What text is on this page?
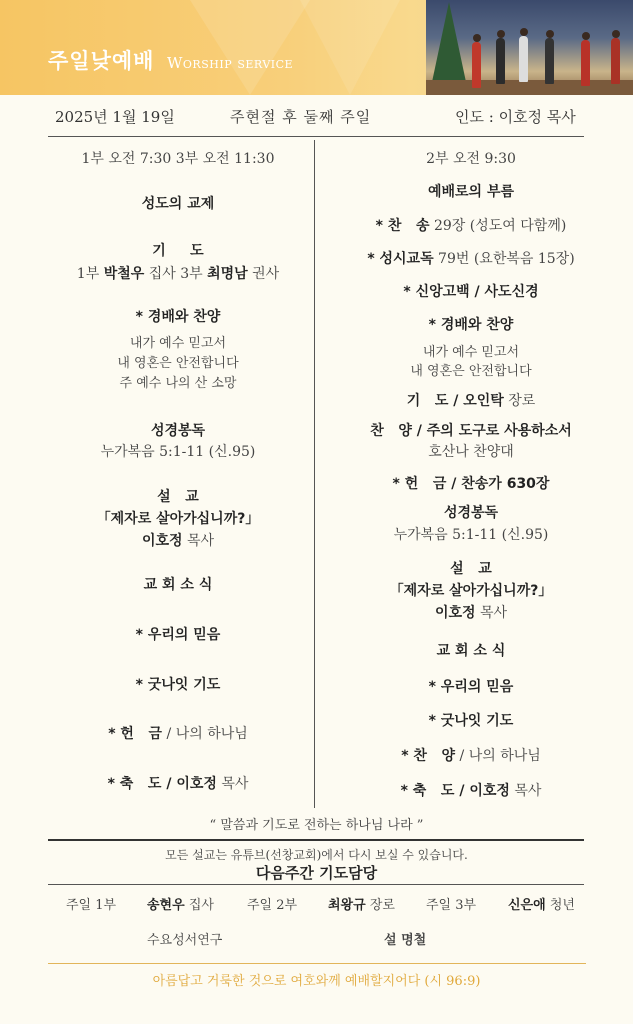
주일낮예배 Worship service
2025년 1월 19일	주현절 후 둘째 주일	인도 : 이호정 목사
1부 오전 7:30 3부 오전 11:30
성도의 교제
기     도
1부 박철우 집사 3부 최명남 권사
* 경배와 찬양
내가 예수 믿고서
내 영혼은 안전합니다
주 예수 나의 산 소망
성경봉독
누가복음 5:1-11 (신.95)
설   교
「제자로 살아가십니까?」
이호정 목사
교 회 소 식
* 우리의 믿음
* 굿나잇 기도
* 헌   금 / 나의 하나님
* 축   도 / 이호정 목사
2부 오전 9:30
예배로의 부름
* 찬   송 29장 (성도여 다함께)
* 성시교독 79번 (요한복음 15장)
* 신앙고백 / 사도신경
* 경배와 찬양
내가 예수 믿고서
내 영혼은 안전합니다
기   도 / 오인탁 장로
찬   양 / 주의 도구로 사용하소서
호산나 찬양대
* 헌   금 / 찬송가 630장
성경봉독
누가복음 5:1-11 (신.95)
설   교
「제자로 살아가십니까?」
이호정 목사
교 회 소 식
* 우리의 믿음
* 굿나잇 기도
* 찬   양 / 나의 하나님
* 축   도 / 이호정 목사
“ 말씀과 기도로 전하는 하나님 나라 ”
모든 설교는 유튜브(선창교회)에서 다시 보실 수 있습니다.
다음주간 기도담당
주일 1부 송현우 집사	주일 2부 최왕규 장로 주일 3부 신은애 청년
수요성서연구	설 명철
아름답고 거룩한 것으로 여호와께 예배할지어다 (시 96:9)
